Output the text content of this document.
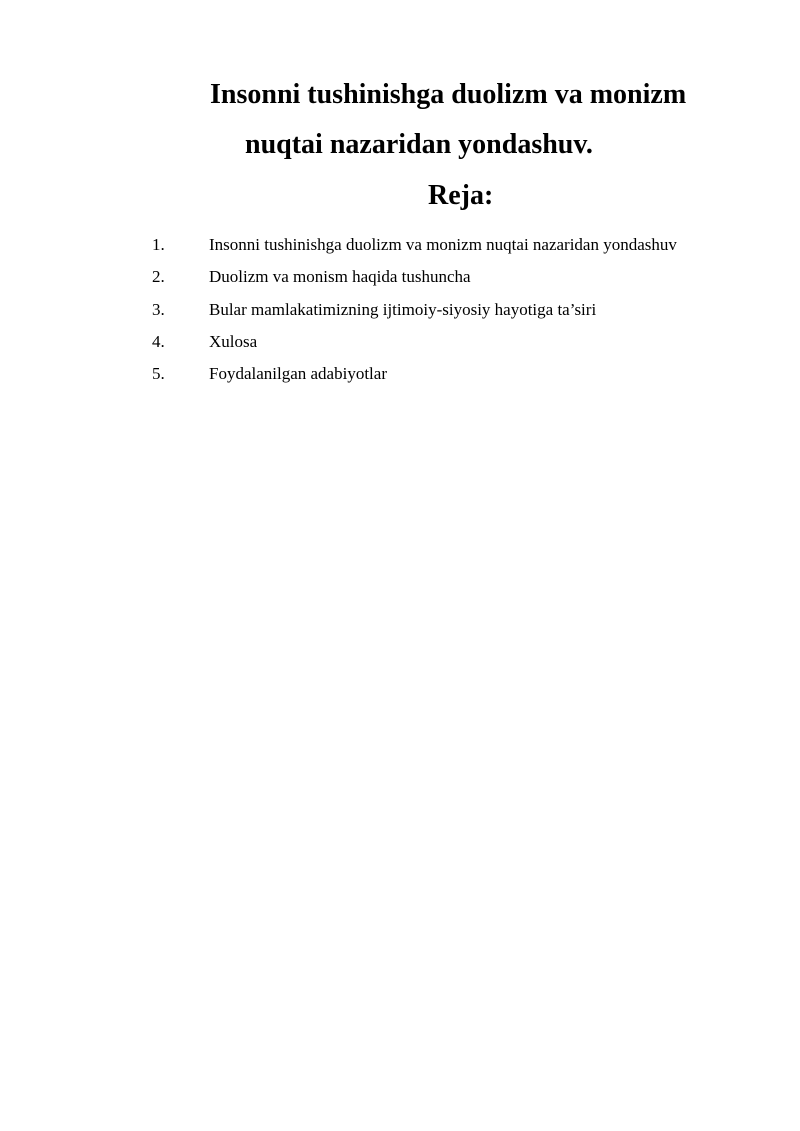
Insonni tushinishga duolizm va monizm
nuqtai nazaridan yondashuv.
Reja:
1.	Insonni tushinishga duolizm va monizm nuqtai nazaridan yondashuv
2.	Duolizm va monism haqida tushuncha
3.	Bular mamlakatimizning ijtimoiy-siyosiy hayotiga ta’siri
4.	Xulosa
5.	Foydalanilgan adabiyotlar
